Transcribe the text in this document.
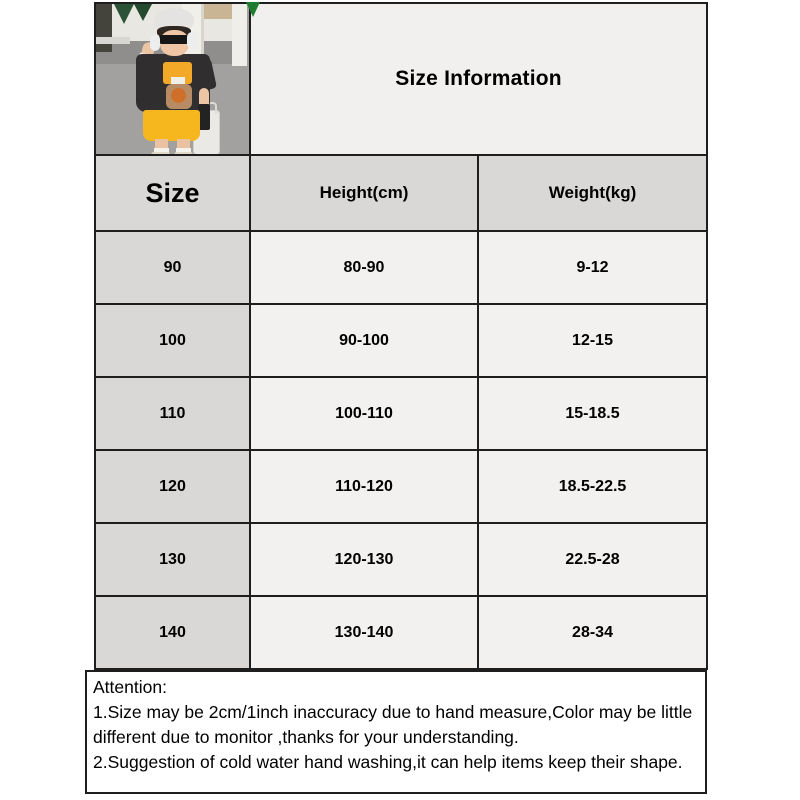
	Size Information	
Size	Height(cm)	Weight(kg)
90	80-90	9-12
100	90-100	12-15
110	100-110	15-18.5
120	110-120	18.5-22.5
130	120-130	22.5-28
140	130-140	28-34
Attention:
1.Size may be 2cm/1inch inaccuracy due to hand measure,Color may be little
different due to monitor ,thanks for your understanding.
2.Suggestion of cold water hand washing,it can help items keep their shape.
